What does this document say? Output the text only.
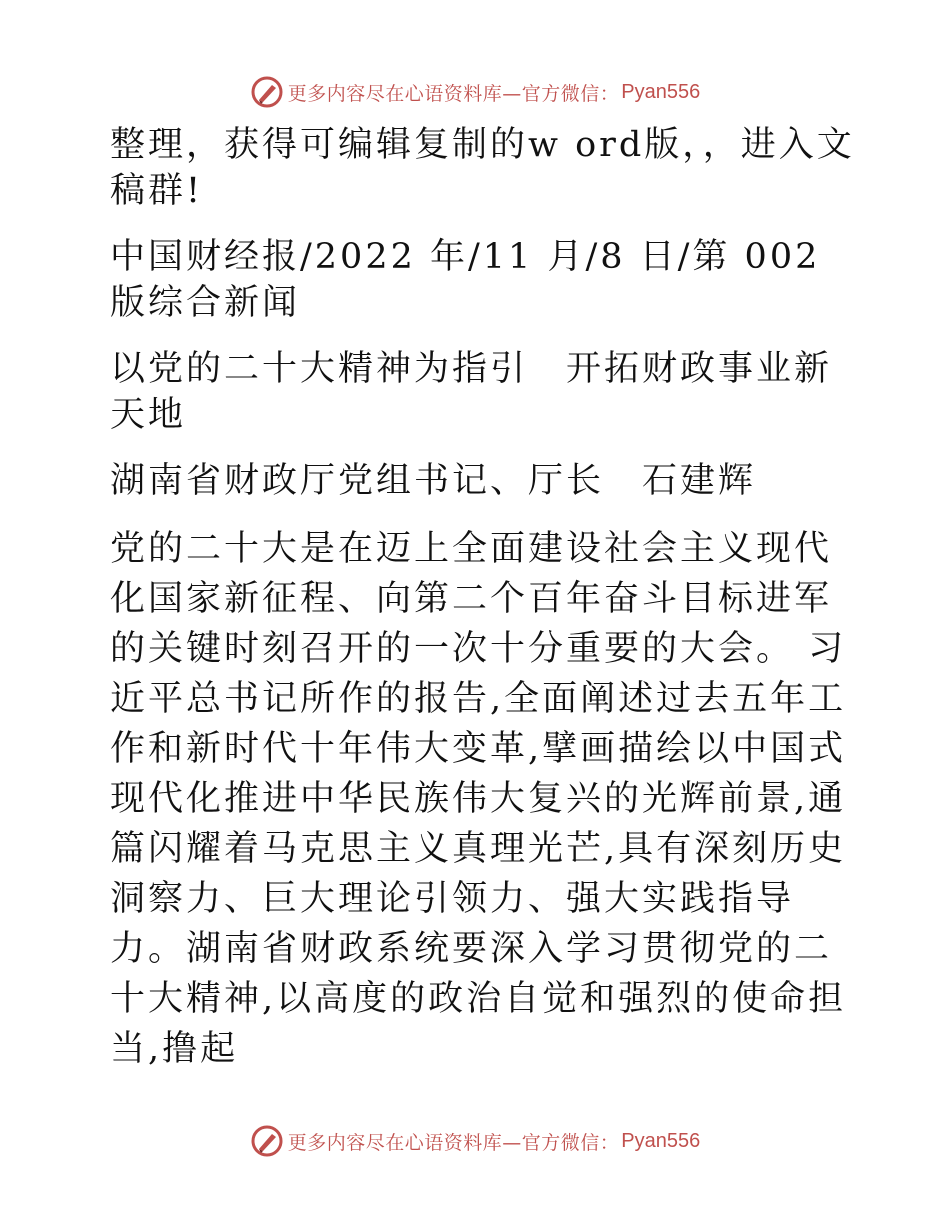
更多内容尽在心语资料库—官方微信： Pyan556

整理，获得可编辑复制的w ord版，，进入文稿群!

中国财经报/2022 年/11 月/8 日/第 002 版综合新闻

以党的二十大精神为指引　开拓财政事业新天地

湖南省财政厅党组书记、厅长　石建辉

党的二十大是在迈上全面建设社会主义现代化国家新征程、向第二个百年奋斗目标进军的关键时刻召开的一次十分重要的大会。 习近平总书记所作的报告,全面阐述过去五年工作和新时代十年伟大变革,擘画描绘以中国式现代化推进中华民族伟大复兴的光辉前景,通篇闪耀着马克思主义真理光芒,具有深刻历史洞察力、巨大理论引领力、强大实践指导力。湖南省财政系统要深入学习贯彻党的二十大精神,以高度的政治自觉和强烈的使命担当,撸起

更多内容尽在心语资料库—官方微信： Pyan556
